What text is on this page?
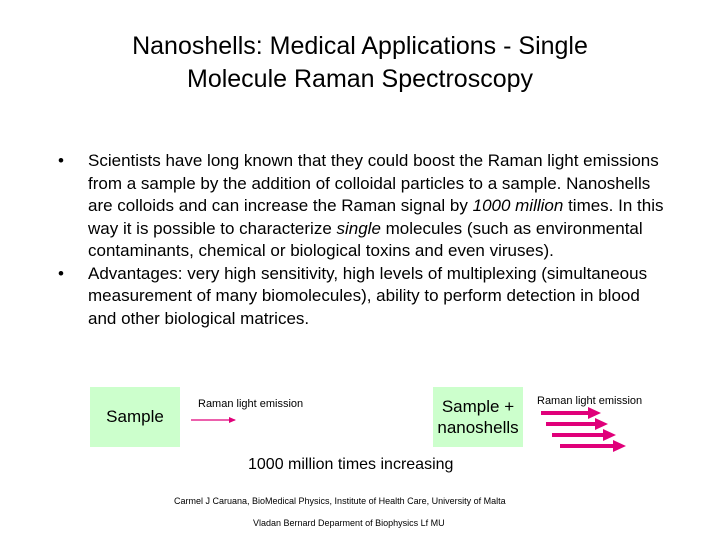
Nanoshells: Medical Applications - Single
Molecule Raman Spectroscopy
• Scientists have long known that they could boost the Raman light emissions from a sample by the addition of colloidal particles to a sample. Nanoshells are colloids and can increase the Raman signal by 1000 million times. In this way it is possible to characterize single molecules (such as environmental contaminants, chemical or biological toxins and even viruses).
• Advantages: very high sensitivity, high levels of multiplexing (simultaneous measurement of many biomolecules), ability to perform detection in blood and other biological matrices.
Sample
Sample +
nanoshells
Raman light emission	Raman light emission
1000 million times increasing
Carmel J Caruana, BioMedical Physics, Institute of Health Care, University of Malta
Vladan Bernard Deparment of Biophysics Lf MU
